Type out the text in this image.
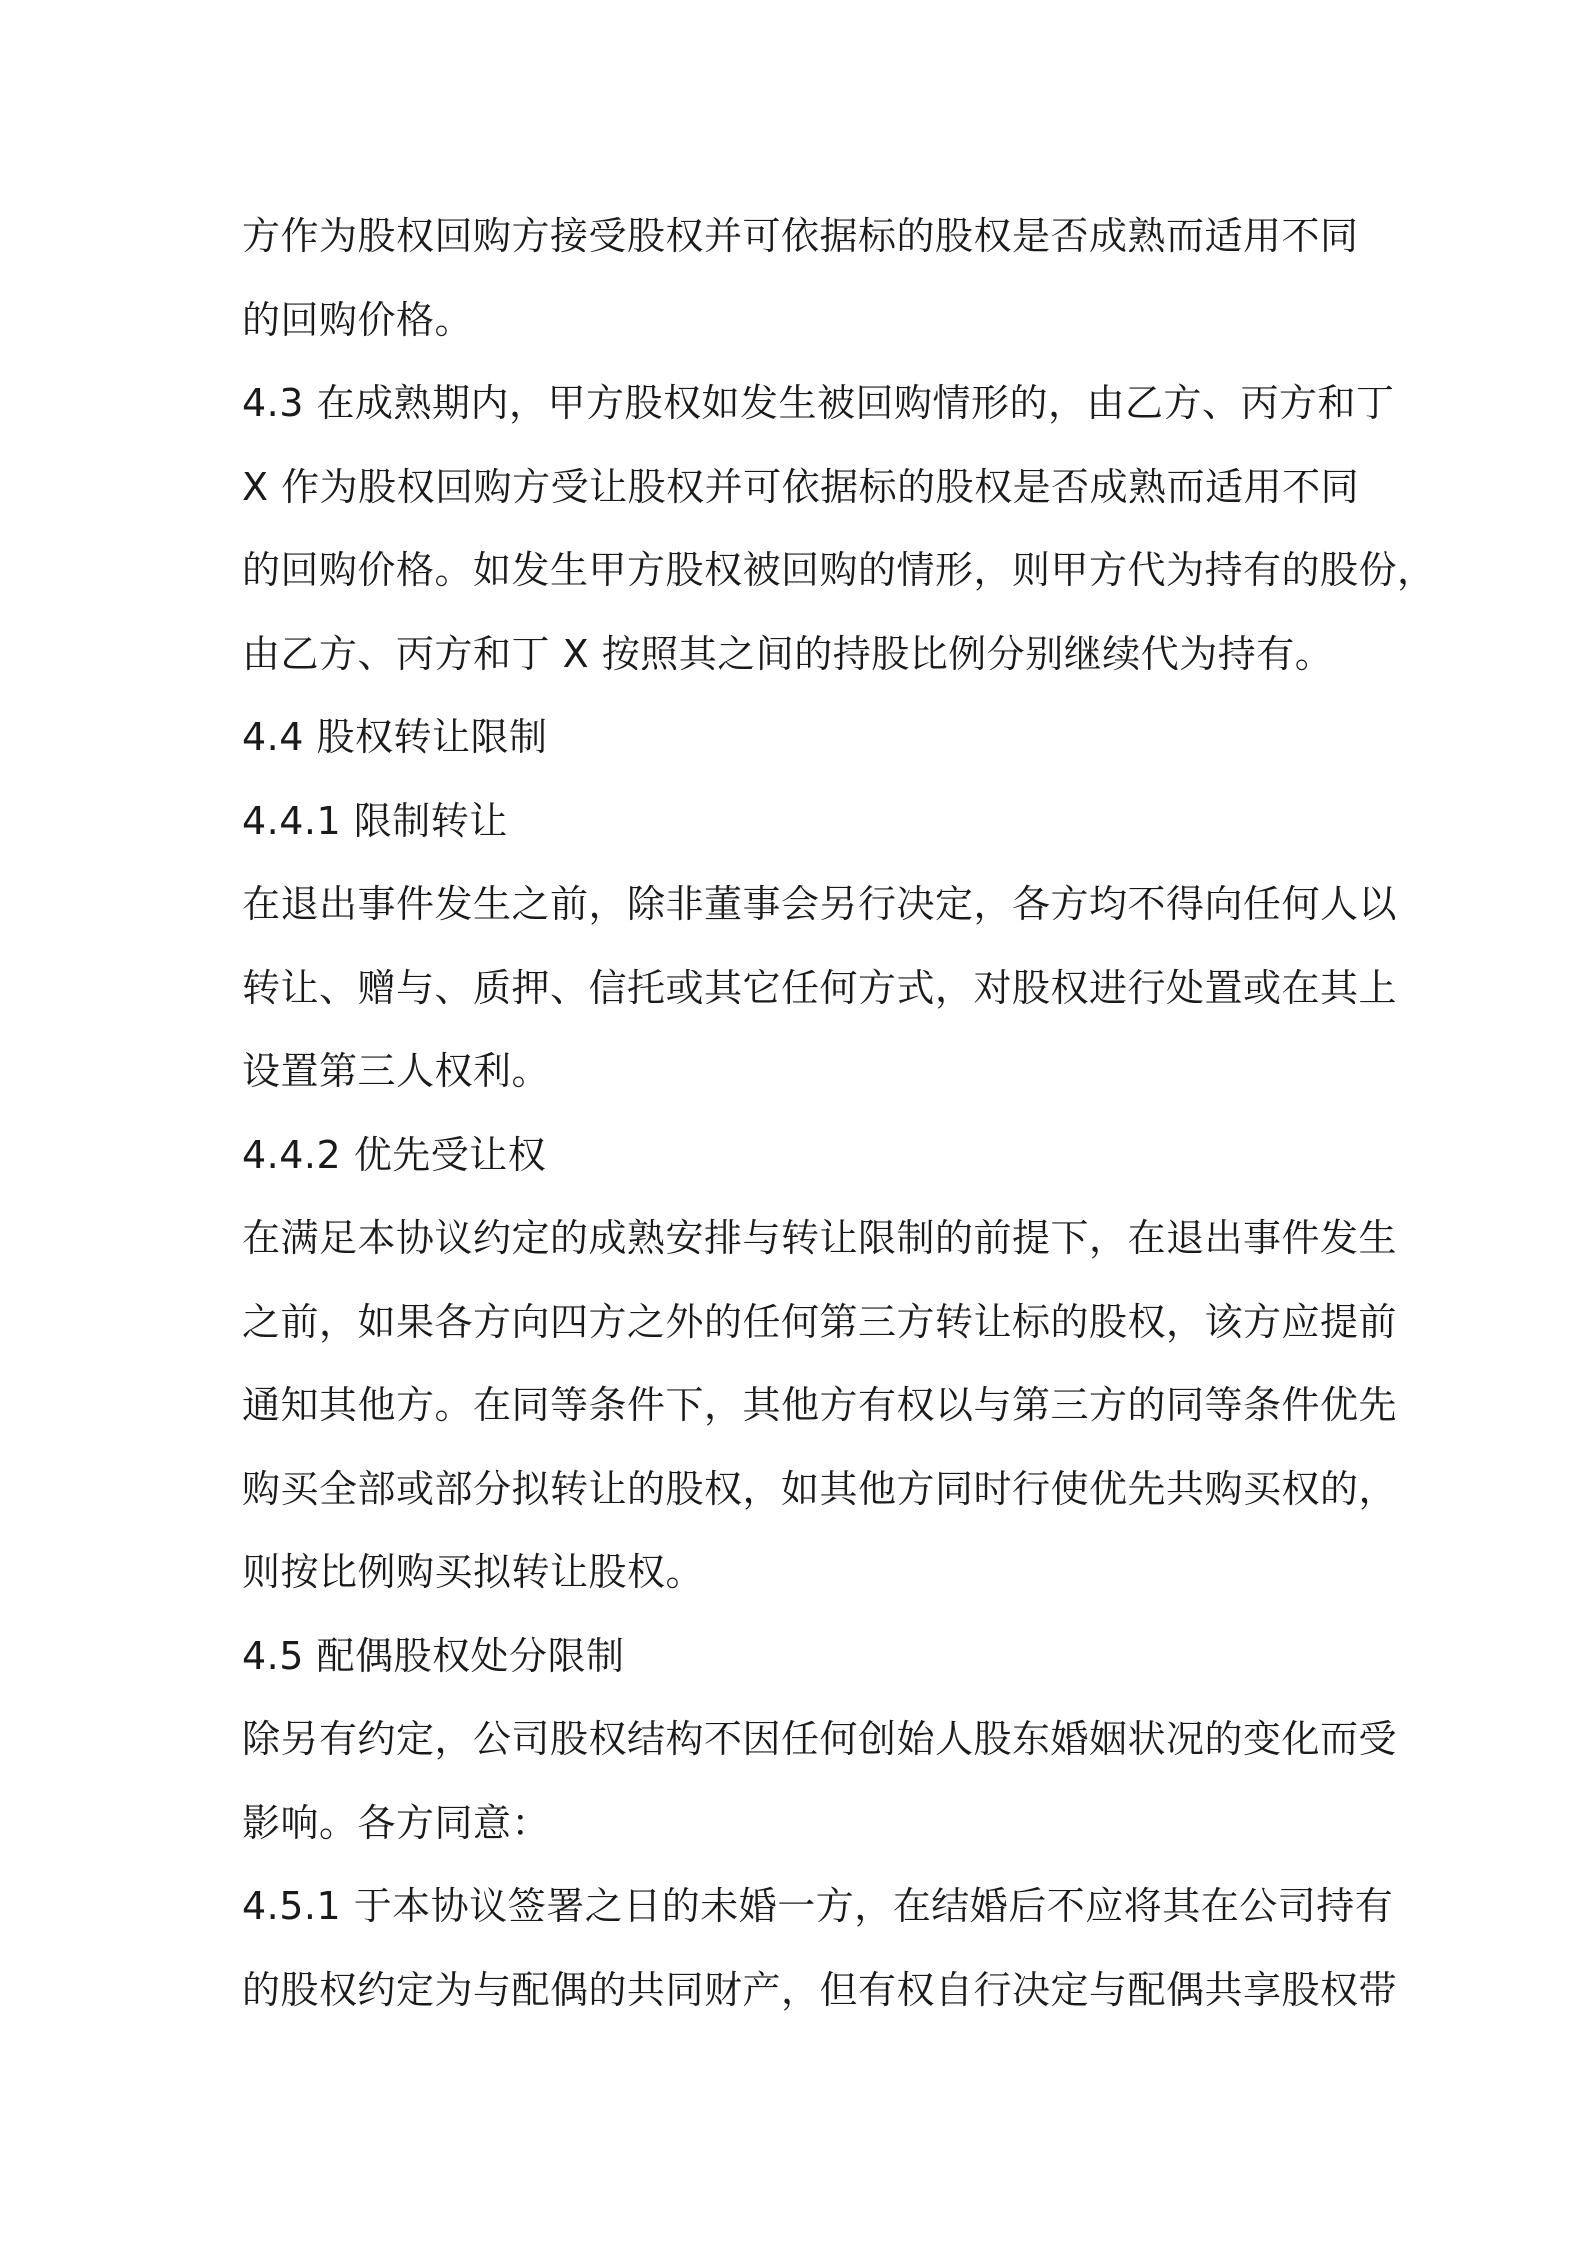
方作为股权回购方接受股权并可依据标的股权是否成熟而适用不同
的回购价格。
4.3 在成熟期内，甲方股权如发生被回购情形的，由乙方、丙方和丁
X 作为股权回购方受让股权并可依据标的股权是否成熟而适用不同
的回购价格。如发生甲方股权被回购的情形，则甲方代为持有的股份，
由乙方、丙方和丁 X 按照其之间的持股比例分别继续代为持有。
4.4 股权转让限制
4.4.1 限制转让
在退出事件发生之前，除非董事会另行决定，各方均不得向任何人以
转让、赠与、质押、信托或其它任何方式，对股权进行处置或在其上
设置第三人权利。
4.4.2 优先受让权
在满足本协议约定的成熟安排与转让限制的前提下，在退出事件发生
之前，如果各方向四方之外的任何第三方转让标的股权，该方应提前
通知其他方。在同等条件下，其他方有权以与第三方的同等条件优先
购买全部或部分拟转让的股权，如其他方同时行使优先共购买权的，
则按比例购买拟转让股权。
4.5 配偶股权处分限制
除另有约定，公司股权结构不因任何创始人股东婚姻状况的变化而受
影响。各方同意：
4.5.1 于本协议签署之日的未婚一方，在结婚后不应将其在公司持有
的股权约定为与配偶的共同财产，但有权自行决定与配偶共享股权带
